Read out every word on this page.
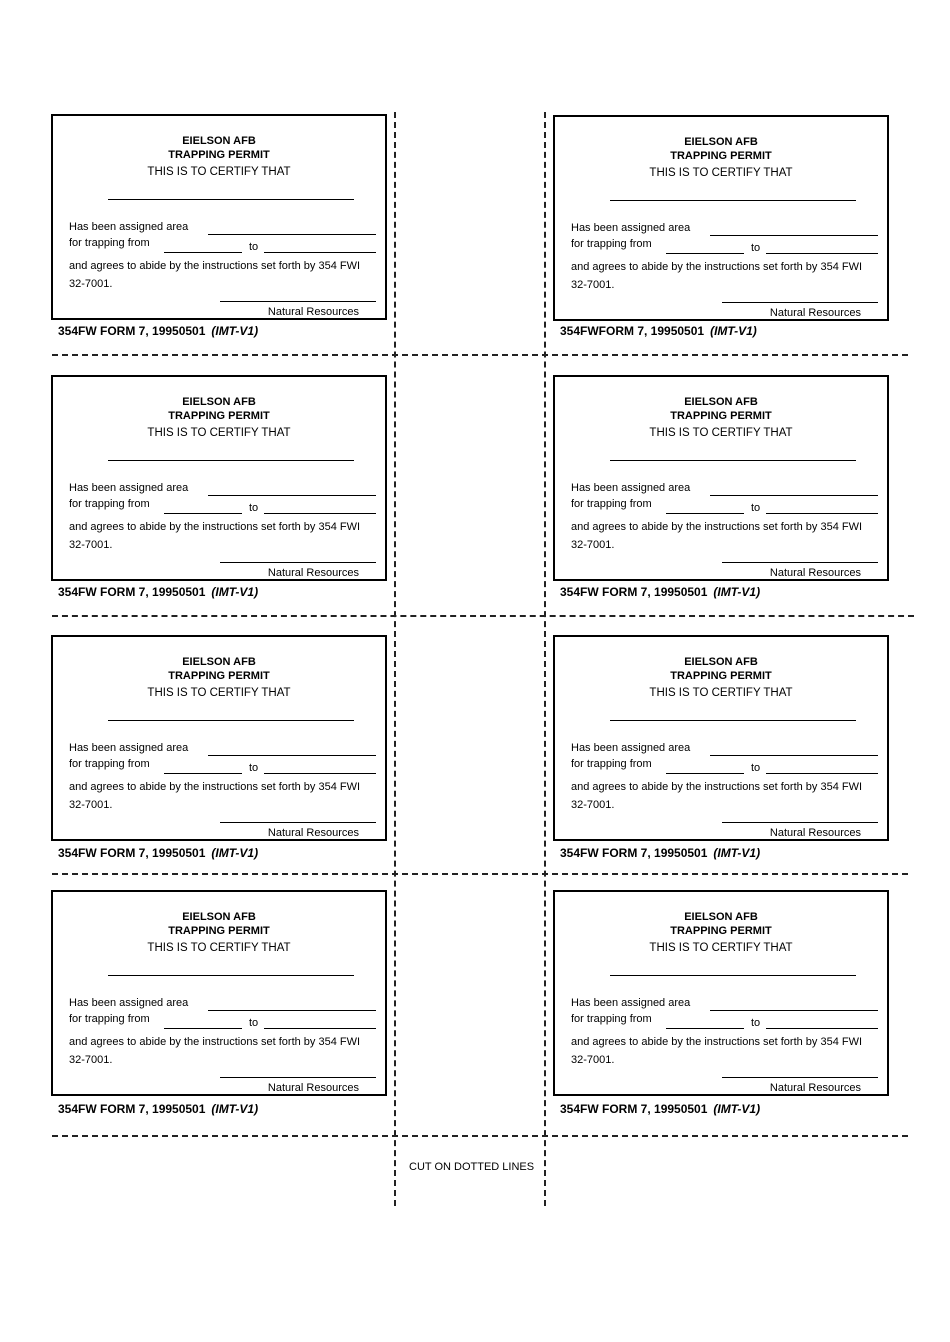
EIELSON AFB
TRAPPING PERMIT
THIS IS TO CERTIFY THAT
Has been assigned area
for trapping from	to
and agrees to abide by the instructions set forth by 354 FWI
32-7001.
Natural Resources
EIELSON AFB
TRAPPING PERMIT
THIS IS TO CERTIFY THAT
Has been assigned area
for trapping from	to
and agrees to abide by the instructions set forth by 354 FWI
32-7001.
Natural Resources
EIELSON AFB
TRAPPING PERMIT
THIS IS TO CERTIFY THAT
Has been assigned area
for trapping from	to
and agrees to abide by the instructions set forth by 354 FWI
32-7001.
Natural Resources
EIELSON AFB
TRAPPING PERMIT
THIS IS TO CERTIFY THAT
Has been assigned area
for trapping from	to
and agrees to abide by the instructions set forth by 354 FWI
32-7001.
Natural Resources
EIELSON AFB
TRAPPING PERMIT
THIS IS TO CERTIFY THAT
Has been assigned area
for trapping from	to
and agrees to abide by the instructions set forth by 354 FWI
32-7001.
Natural Resources
EIELSON AFB
TRAPPING PERMIT
THIS IS TO CERTIFY THAT
Has been assigned area
for trapping from	to
and agrees to abide by the instructions set forth by 354 FWI
32-7001.
Natural Resources
EIELSON AFB
TRAPPING PERMIT
THIS IS TO CERTIFY THAT
Has been assigned area
for trapping from	to
and agrees to abide by the instructions set forth by 354 FWI
32-7001.
Natural Resources
EIELSON AFB
TRAPPING PERMIT
THIS IS TO CERTIFY THAT
Has been assigned area
for trapping from	to
and agrees to abide by the instructions set forth by 354 FWI
32-7001.
Natural Resources
354FW FORM 7, 19950501 (IMT-V1)	354FWFORM 7, 19950501 (IMT-V1)
354FW FORM 7, 19950501 (IMT-V1)	354FW FORM 7, 19950501 (IMT-V1)
354FW FORM 7, 19950501 (IMT-V1)	354FW FORM 7, 19950501 (IMT-V1)
354FW FORM 7, 19950501 (IMT-V1)	354FW FORM 7, 19950501 (IMT-V1)
CUT ON DOTTED LINES
